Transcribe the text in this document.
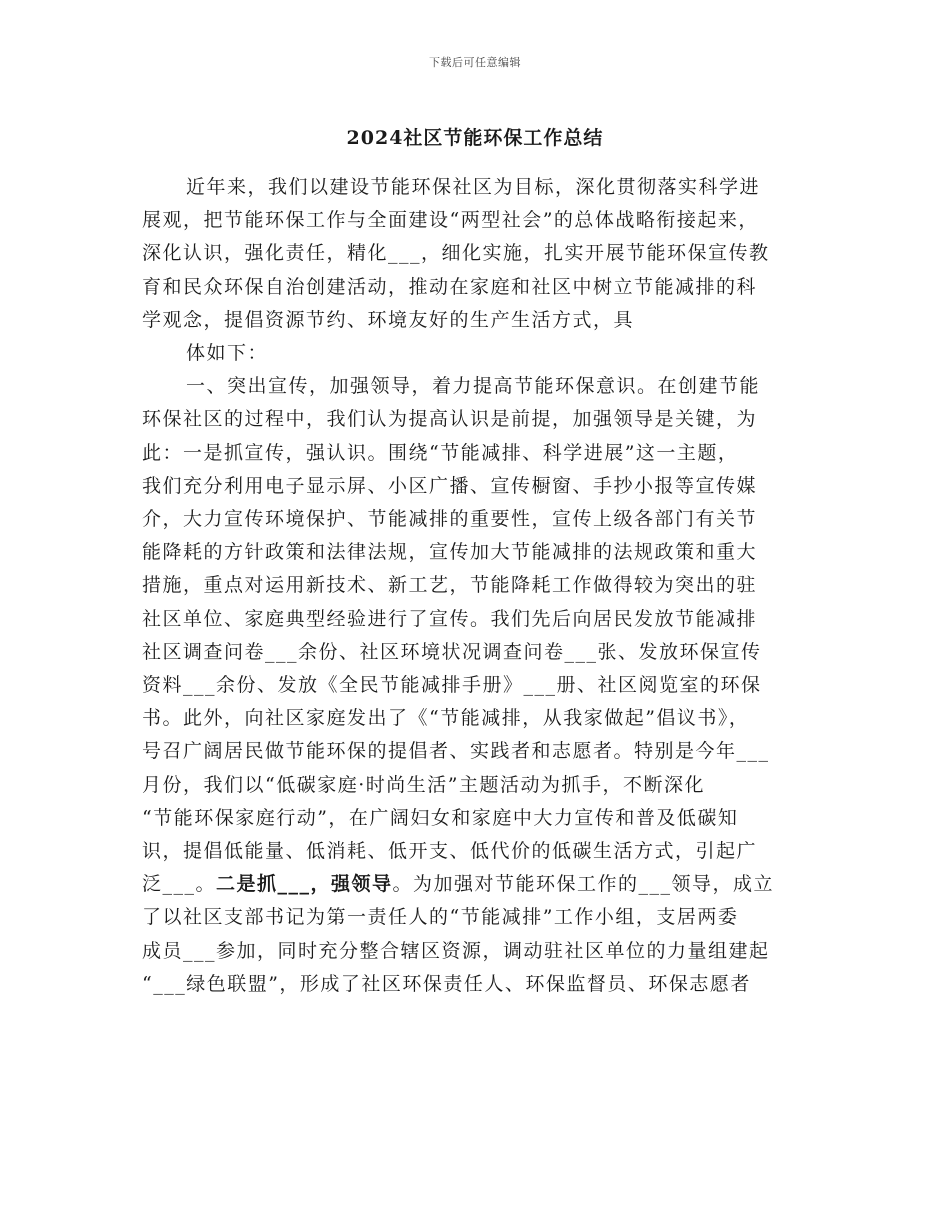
下载后可任意编辑
2024社区节能环保工作总结
近年来，我们以建设节能环保社区为目标，深化贯彻落实科学进
展观，把节能环保工作与全面建设“两型社会”的总体战略衔接起来，
深化认识，强化责任，精化___，细化实施，扎实开展节能环保宣传教
育和民众环保自治创建活动，推动在家庭和社区中树立节能减排的科
学观念，提倡资源节约、环境友好的生产生活方式，具
体如下：
一、突出宣传，加强领导，着力提高节能环保意识。在创建节能
环保社区的过程中，我们认为提高认识是前提，加强领导是关键，为
此：一是抓宣传，强认识。围绕“节能减排、科学进展”这一主题，
我们充分利用电子显示屏、小区广播、宣传橱窗、手抄小报等宣传媒
介，大力宣传环境保护、节能减排的重要性，宣传上级各部门有关节
能降耗的方针政策和法律法规，宣传加大节能减排的法规政策和重大
措施，重点对运用新技术、新工艺，节能降耗工作做得较为突出的驻
社区单位、家庭典型经验进行了宣传。我们先后向居民发放节能减排
社区调查问卷___余份、社区环境状况调查问卷___张、发放环保宣传
资料___余份、发放《全民节能减排手册》___册、社区阅览室的环保
书。此外，向社区家庭发出了《“节能减排，从我家做起”倡议书》，
号召广阔居民做节能环保的提倡者、实践者和志愿者。特别是今年___
月份，我们以“低碳家庭·时尚生活”主题活动为抓手，不断深化
“节能环保家庭行动”，在广阔妇女和家庭中大力宣传和普及低碳知
识，提倡低能量、低消耗、低开支、低代价的低碳生活方式，引起广
泛___。二是抓___，强领导。为加强对节能环保工作的___领导，成立
了以社区支部书记为第一责任人的“节能减排”工作小组，支居两委
成员___参加，同时充分整合辖区资源，调动驻社区单位的力量组建起
“___绿色联盟”，形成了社区环保责任人、环保监督员、环保志愿者
